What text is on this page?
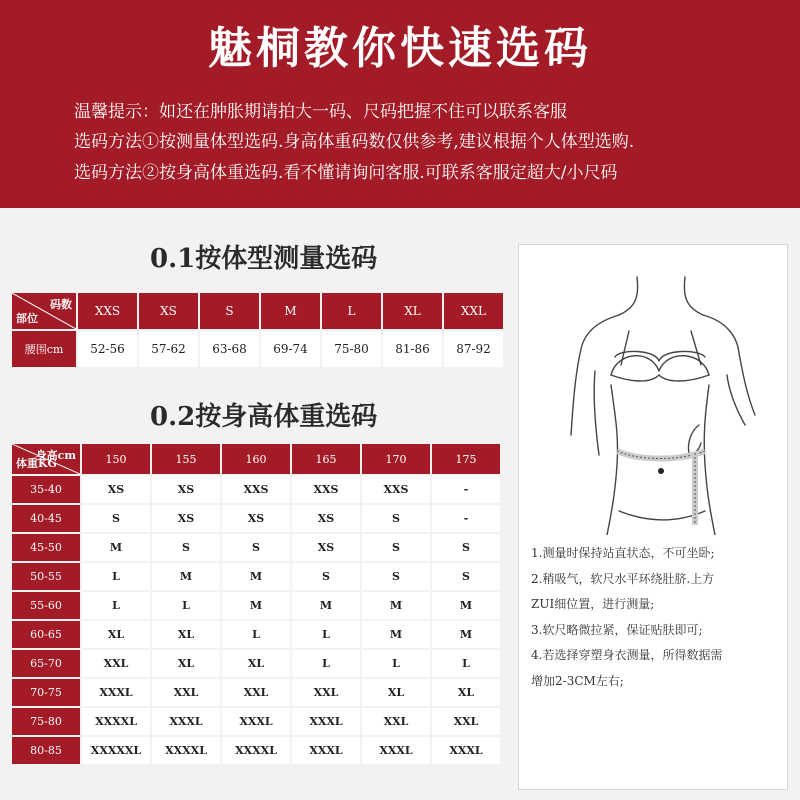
魅桐教你快速选码
温馨提示：如还在肿胀期请拍大一码、尺码把握不住可以联系客服
选码方法①按测量体型选码.身高体重码数仅供参考,建议根据个人体型选购.
选码方法②按身高体重选码.看不懂请询问客服.可联系客服定超大/小尺码
0.1按体型测量选码
码数
部位	XXS	XS	S	M	L	XL	XXL
腰围cm	52-56	57-62	63-68	69-74	75-80	81-86	87-92
0.2按身高体重选码
身高cm
体重KG	150	155	160	165	170	175
35-40	XS	XS	XXS	XXS	XXS	-
40-45	S	XS	XS	XS	S	-
45-50	M	S	S	XS	S	S
50-55	L	M	M	S	S	S
55-60	L	L	M	M	M	M
60-65	XL	XL	L	L	M	M
65-70	XXL	XL	XL	L	L	L
70-75	XXXL	XXL	XXL	XXL	XL	XL
75-80	XXXXL	XXXL	XXXL	XXXL	XXL	XXL
80-85	XXXXXL	XXXXL	XXXXL	XXXL	XXXL	XXXL
1.测量时保持站直状态，不可坐卧;
2.稍吸气，软尺水平环绕肚脐.上方
ZUI细位置，进行测量;
3.软尺略微拉紧，保证贴肤即可;
4.若选择穿塑身衣测量，所得数据需
增加2-3CM左右;
